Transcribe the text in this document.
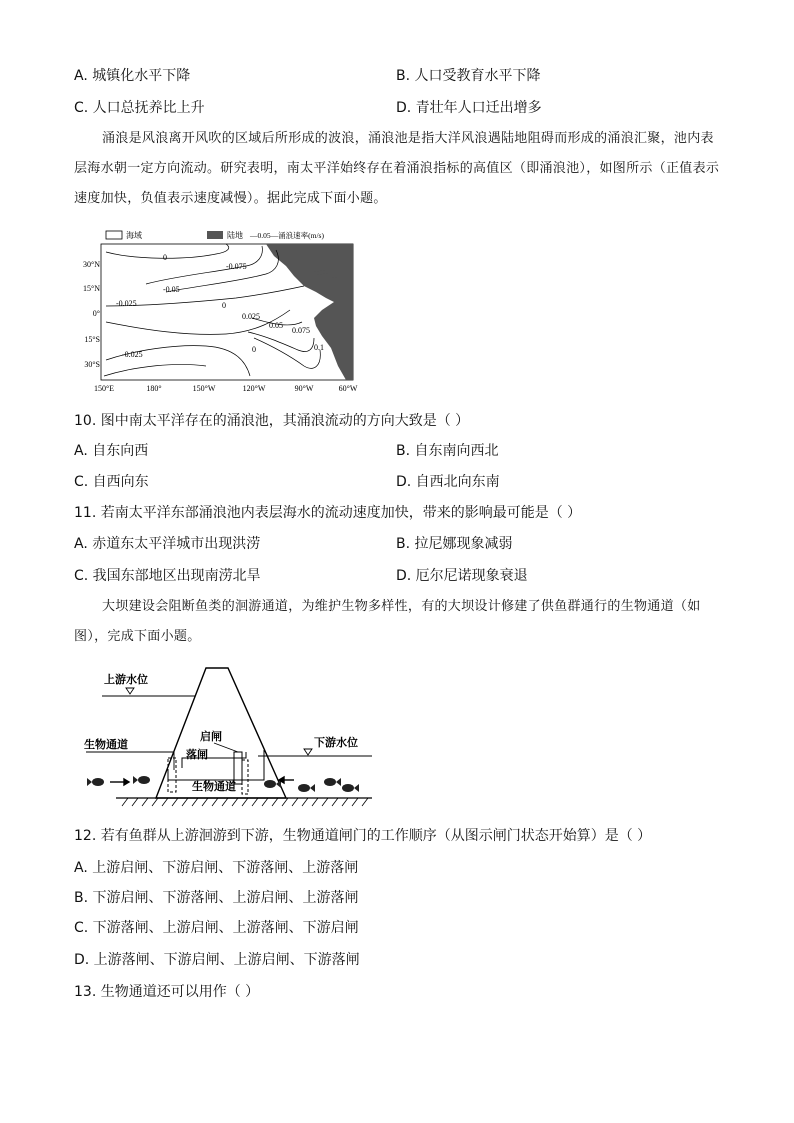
A. 城镇化水平下降	B. 人口受教育水平下降
C. 人口总抚养比上升	D. 青壮年人口迁出增多

涌浪是风浪离开风吹的区域后所形成的波浪，涌浪池是指大洋风浪遇陆地阻碍而形成的涌浪汇聚，池内表层海水朝一定方向流动。研究表明，南太平洋始终存在着涌浪指标的高值区（即涌浪池），如图所示（正值表示速度加快，负值表示速度减慢）。据此完成下面小题。

海域	陆地 —0.05—涌浪速率(m/s)
0
-0.075
-0.05
-0.025	0
0.025
0.05
0.075
0.1
-0.025
0
30°N
15°N
0°
15°S
30°S
150°E	180°	150°W	120°W	90°W	60°W
10. 图中南太平洋存在的涌浪池，其涌浪流动的方向大致是（ ）
A. 自东向西	B. 自东南向西北
C. 自西向东	D. 自西北向东南
11. 若南太平洋东部涌浪池内表层海水的流动速度加快，带来的影响最可能是（ ）
A. 赤道东太平洋城市出现洪涝	B. 拉尼娜现象减弱
C. 我国东部地区出现南涝北旱	D. 厄尔尼诺现象衰退

大坝建设会阻断鱼类的洄游通道，为维护生物多样性，有的大坝设计修建了供鱼群通行的生物通道（如图），完成下面小题。

上游水位
生物通道
启闸
落闸
生物通道
下游水位
12. 若有鱼群从上游洄游到下游，生物通道闸门的工作顺序（从图示闸门状态开始算）是（ ）
A. 上游启闸、下游启闸、下游落闸、上游落闸
B. 下游启闸、下游落闸、上游启闸、上游落闸
C. 下游落闸、上游启闸、上游落闸、下游启闸
D. 上游落闸、下游启闸、上游启闸、下游落闸
13. 生物通道还可以用作（ ）
